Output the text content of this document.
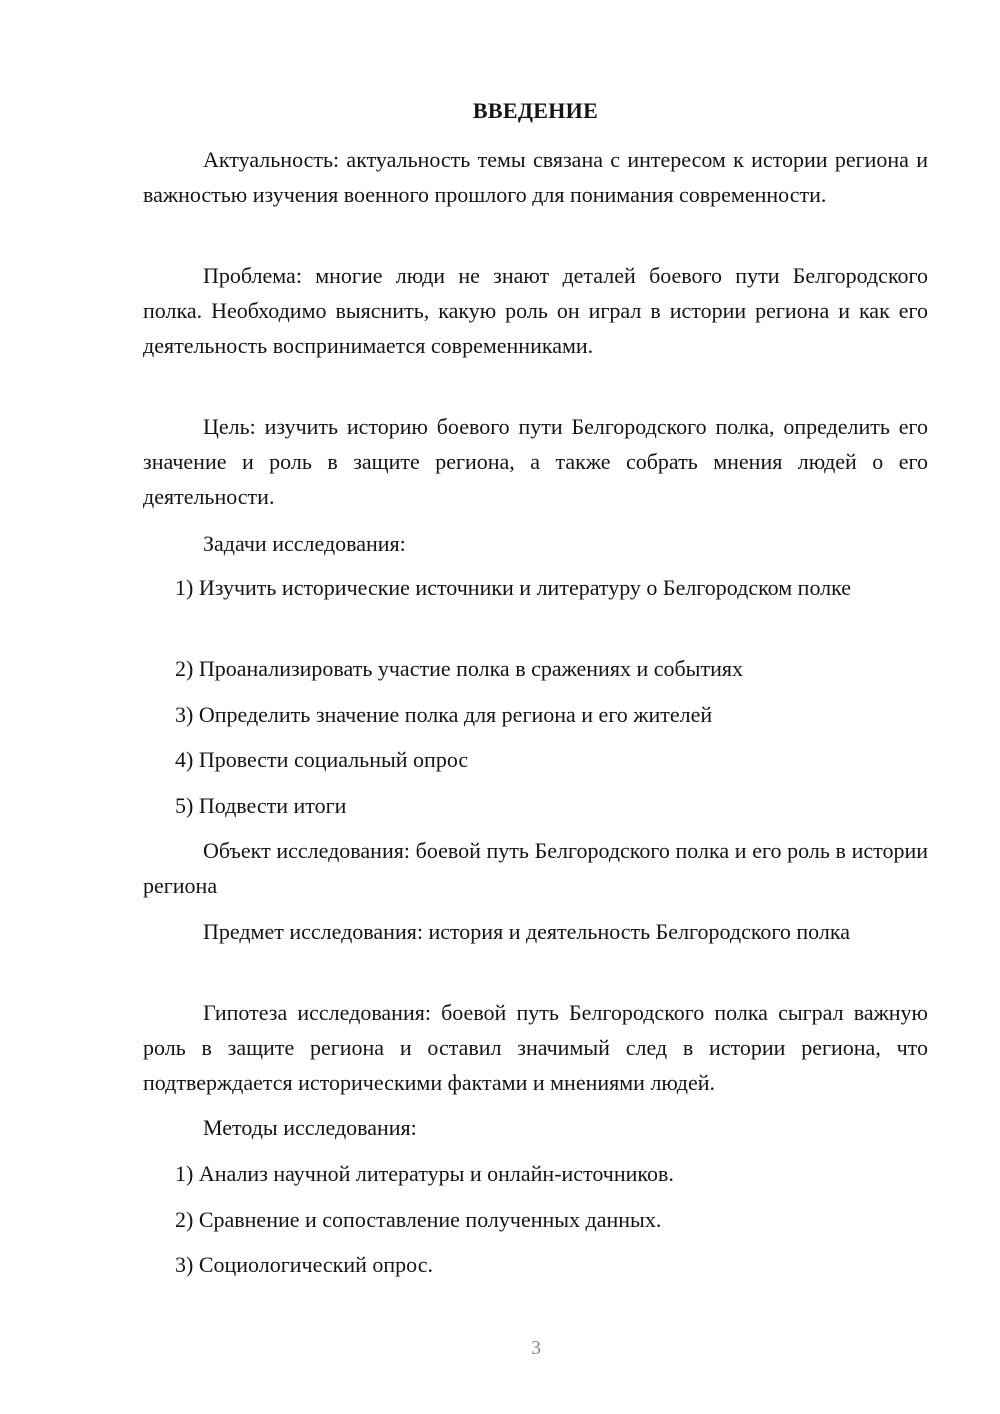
ВВЕДЕНИЕ

Актуальность: актуальность темы связана с интересом к истории региона и важностью изучения военного прошлого для понимания современности.

Проблема: многие люди не знают деталей боевого пути Белгородского полка. Необходимо выяснить, какую роль он играл в истории региона и как его деятельность воспринимается современниками.

Цель: изучить историю боевого пути Белгородского полка, определить его значение и роль в защите региона, а также собрать мнения людей о его деятельности.

Задачи исследования:

1) Изучить исторические источники и литературу о Белгородском полке

2) Проанализировать участие полка в сражениях и событиях

3) Определить значение полка для региона и его жителей

4) Провести социальный опрос

5) Подвести итоги

Объект исследования: боевой путь Белгородского полка и его роль в истории региона

Предмет исследования: история и деятельность Белгородского полка

Гипотеза исследования: боевой путь Белгородского полка сыграл важную роль в защите региона и оставил значимый след в истории региона, что подтверждается историческими фактами и мнениями людей.

Методы исследования:

1) Анализ научной литературы и онлайн-источников.

2) Сравнение и сопоставление полученных данных.

3) Социологический опрос.

3
